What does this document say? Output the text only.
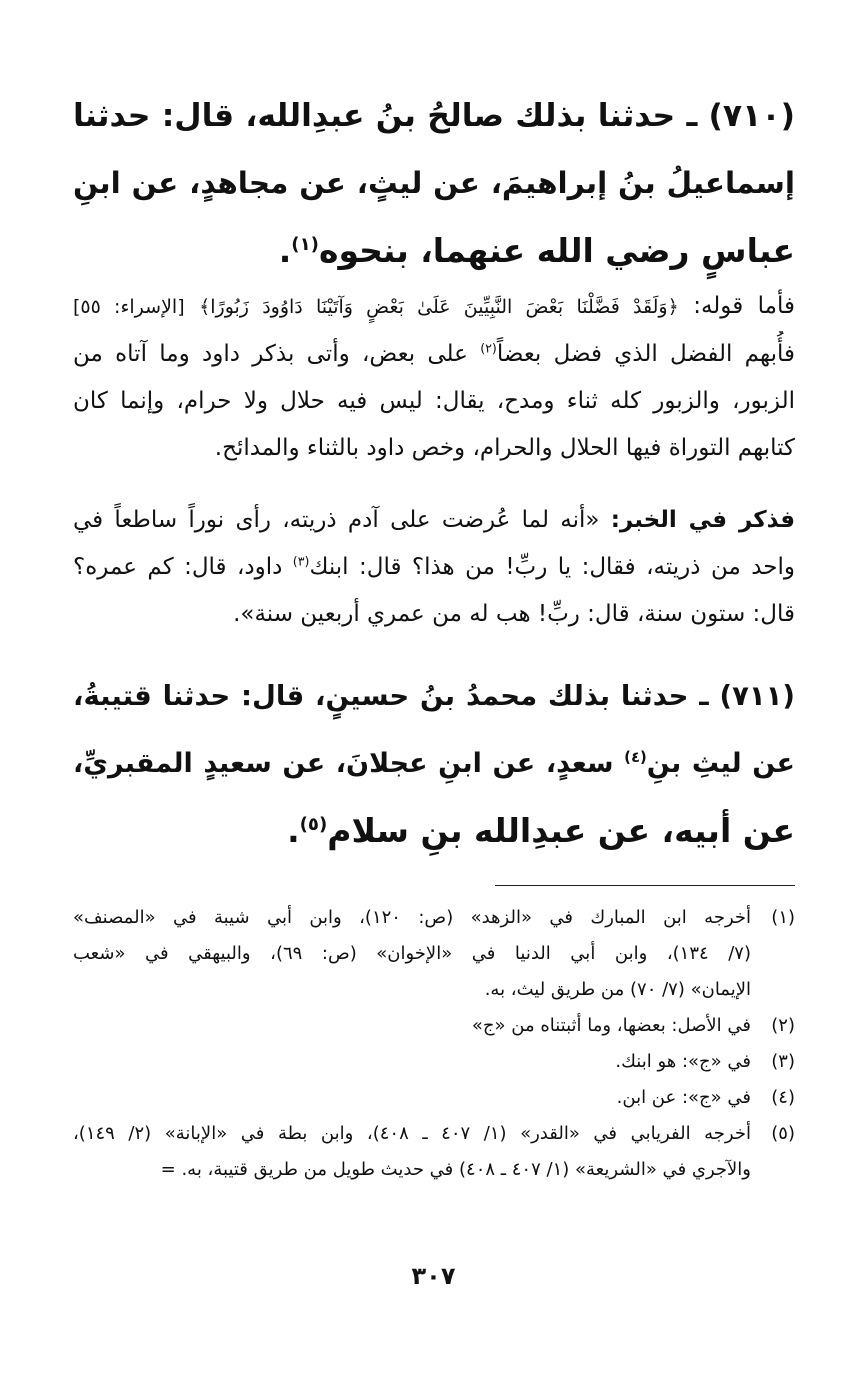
(٧١٠) ـ حدثنا بذلك صالحُ بنُ عبدِالله، قال: حدثنا
إسماعيلُ بنُ إبراهيمَ، عن ليثٍ، عن مجاهدٍ، عن ابنِ
عباسٍ رضي الله عنهما، بنحوه$^{(١)}$.
فأما قوله: ﴿وَلَقَدْ فَضَّلْنَا بَعْضَ النَّبِيِّينَ عَلَىٰ بَعْضٍ وَآتَيْنَا دَاوُودَ زَبُورًا﴾ [الإسراء: ٥٥]
فأُبهم الفضل الذي فضل بعضاً$^{(٢)}$ على بعض، وأتى بذكر داود وما آتاه من
الزبور، والزبور كله ثناء ومدح، يقال: ليس فيه حلال ولا حرام، وإنما كان
كتابهم التوراة فيها الحلال والحرام، وخص داود بالثناء والمدائح.
فذكر في الخبر: «أنه لما عُرضت على آدم ذريته، رأى نوراً ساطعاً في
واحد من ذريته، فقال: يا ربِّ! من هذا؟ قال: ابنك$^{(٣)}$ داود، قال: كم عمره؟
قال: ستون سنة، قال: ربِّ! هب له من عمري أربعين سنة».
(٧١١) ـ حدثنا بذلك محمدُ بنُ حسينٍ، قال: حدثنا قتيبةُ،
عن ليثِ بنِ$^{(٤)}$ سعدٍ، عن ابنِ عجلانَ، عن سعيدٍ المقبريِّ،
عن أبيه، عن عبدِالله بنِ سلام$^{(٥)}$.
(١)أخرجه ابن المبارك في «الزهد» (ص: ١٢٠)، وابن أبي شيبة في «المصنف»
(٧/ ١٣٤)، وابن أبي الدنيا في «الإخوان» (ص: ٦٩)، والبيهقي في «شعب
الإيمان» (٧/ ٧٠) من طريق ليث، به.
(٢)في الأصل: بعضها، وما أثبتناه من «ج»
(٣)في «ج»: هو ابنك.
(٤)في «ج»: عن ابن.
(٥)أخرجه الفريابي في «القدر» (١/ ٤٠٧ ـ ٤٠٨)، وابن بطة في «الإبانة» (٢/ ١٤٩)،
والآجري في «الشريعة» (١/ ٤٠٧ ـ ٤٠٨) في حديث طويل من طريق قتيبة، به. =
٣٠٧
